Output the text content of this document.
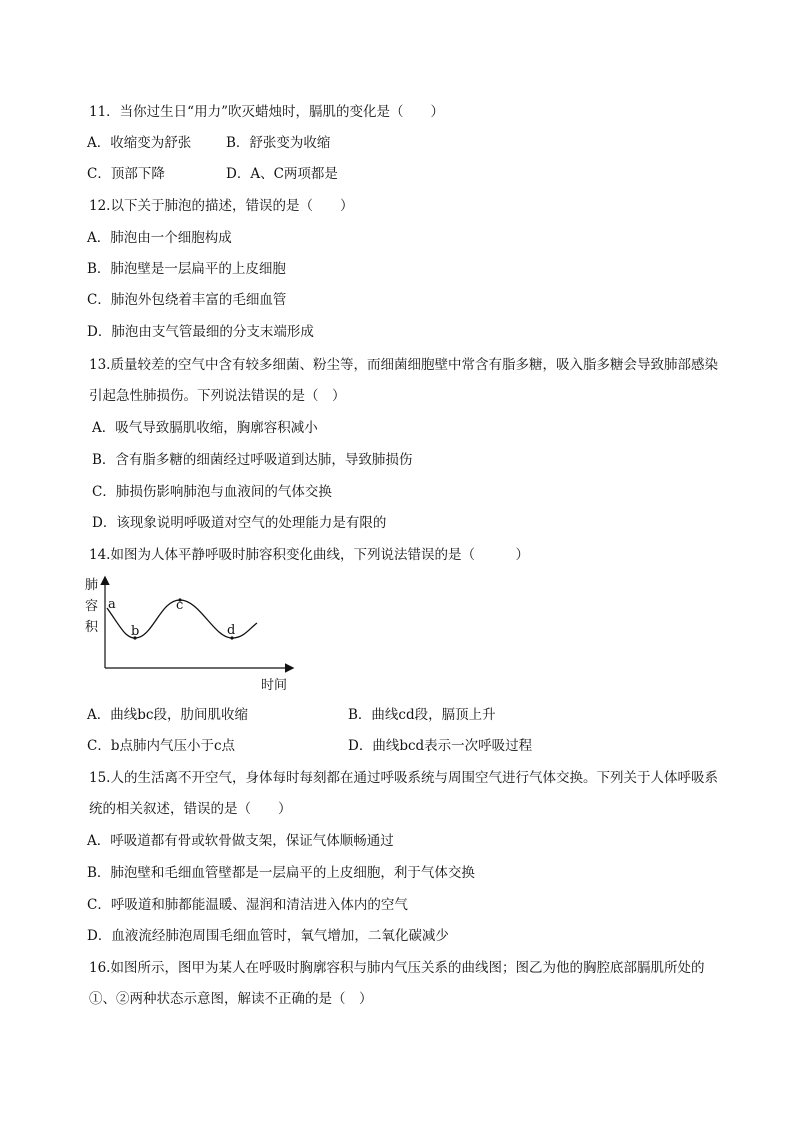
11．当你过生日“用力”吹灭蜡烛时，膈肌的变化是（　　）
A．收缩变为舒张	B．舒张变为收缩
C．顶部下降	D．A、C两项都是
12.以下关于肺泡的描述，错误的是（　　）
A．肺泡由一个细胞构成
B．肺泡壁是一层扁平的上皮细胞
C．肺泡外包绕着丰富的毛细血管
D．肺泡由支气管最细的分支末端形成
13.质量较差的空气中含有较多细菌、粉尘等，而细菌细胞壁中常含有脂多糖，吸入脂多糖会导致肺部感染
引起急性肺损伤。下列说法错误的是（　）
A．吸气导致膈肌收缩，胸廓容积减小
B．含有脂多糖的细菌经过呼吸道到达肺，导致肺损伤
C．肺损伤影响肺泡与血液间的气体交换
D．该现象说明呼吸道对空气的处理能力是有限的
14.如图为人体平静呼吸时肺容积变化曲线，下列说法错误的是（　　　）
肺
容
积
时间
a
b
c
d
A．曲线bc段，肋间肌收缩	B．曲线cd段，膈顶上升
C．b点肺内气压小于c点	D．曲线bcd表示一次呼吸过程
15.人的生活离不开空气，身体每时每刻都在通过呼吸系统与周围空气进行气体交换。下列关于人体呼吸系
统的相关叙述，错误的是（　　）
A．呼吸道都有骨或软骨做支架，保证气体顺畅通过
B．肺泡壁和毛细血管壁都是一层扁平的上皮细胞，利于气体交换
C．呼吸道和肺都能温暖、湿润和清洁进入体内的空气
D．血液流经肺泡周围毛细血管时，氧气增加，二氧化碳减少
16.如图所示，图甲为某人在呼吸时胸廓容积与肺内气压关系的曲线图；图乙为他的胸腔底部膈肌所处的
①、②两种状态示意图，解读不正确的是（　）
